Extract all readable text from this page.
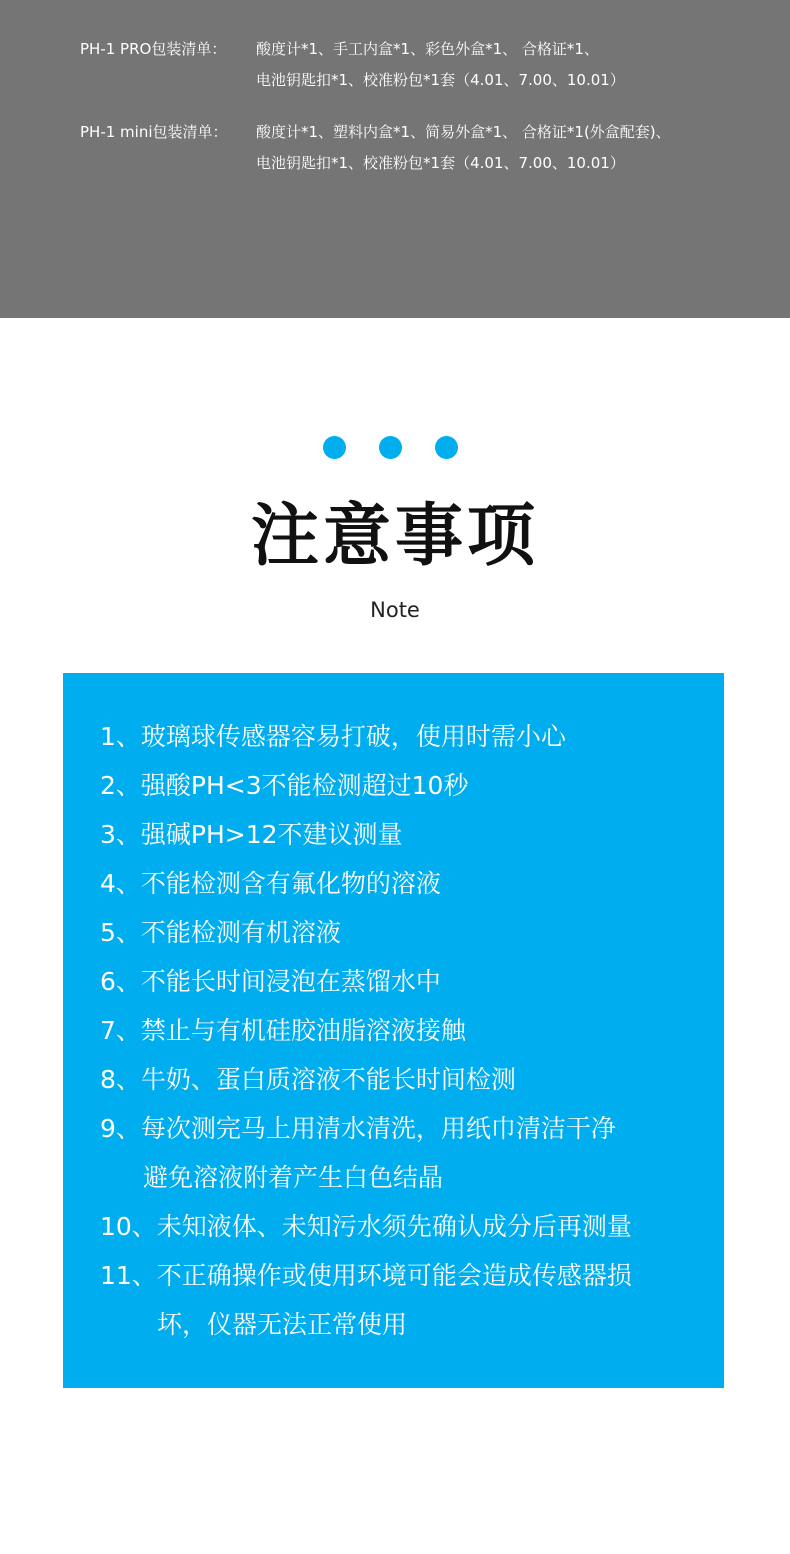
PH-1 PRO包装清单： 酸度计*1、手工内盒*1、彩色外盒*1、 合格证*1、
电池钥匙扣*1、校准粉包*1套（4.01、7.00、10.01）
PH-1 mini包装清单： 酸度计*1、塑料内盒*1、简易外盒*1、 合格证*1(外盒配套)、
电池钥匙扣*1、校准粉包*1套（4.01、7.00、10.01）
注意事项
Note
1、玻璃球传感器容易打破，使用时需小心
2、强酸PH<3不能检测超过10秒
3、强碱PH>12不建议测量
4、不能检测含有氟化物的溶液
5、不能检测有机溶液
6、不能长时间浸泡在蒸馏水中
7、禁止与有机硅胶油脂溶液接触
8、牛奶、蛋白质溶液不能长时间检测
9、每次测完马上用清水清洗，用纸巾清洁干净
避免溶液附着产生白色结晶
10、未知液体、未知污水须先确认成分后再测量
11、不正确操作或使用环境可能会造成传感器损
坏，仪器无法正常使用
